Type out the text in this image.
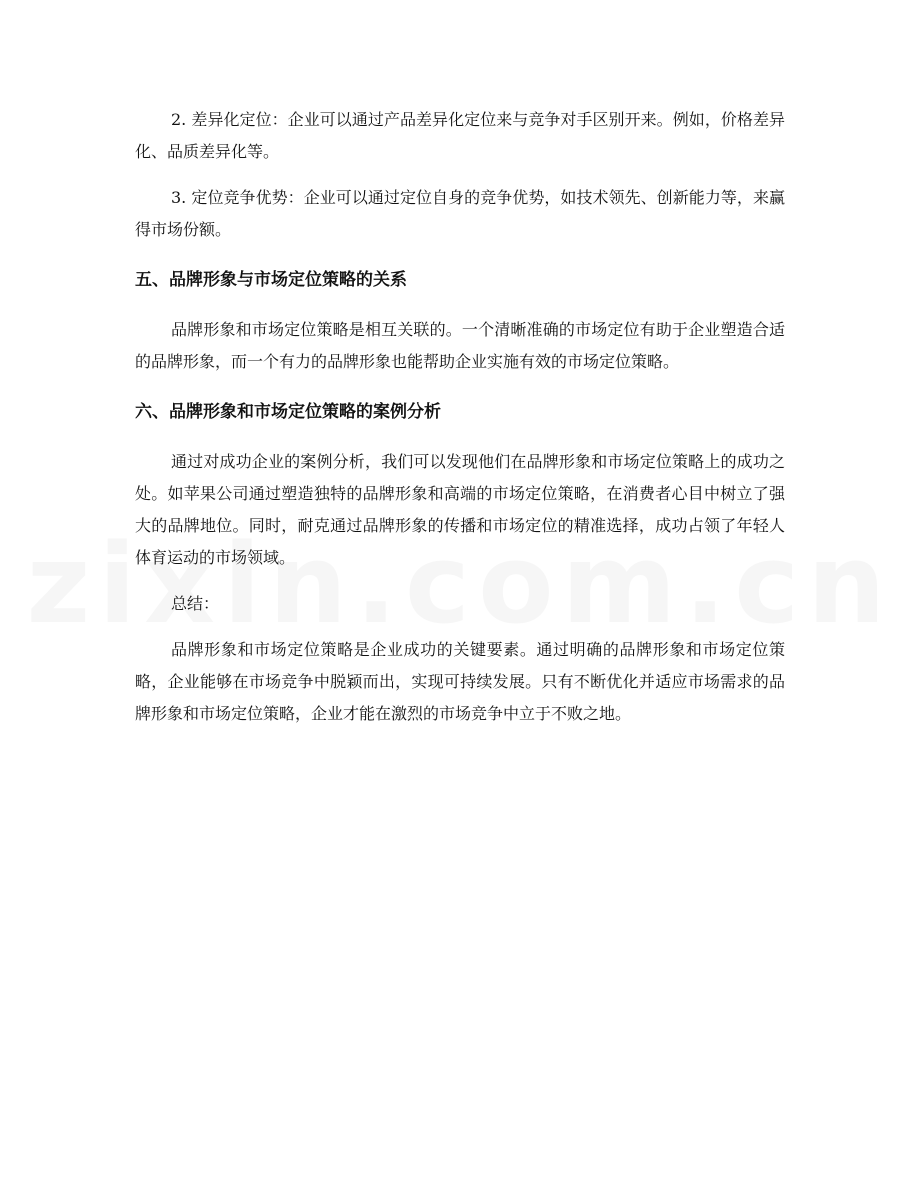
2. 差异化定位：企业可以通过产品差异化定位来与竞争对手区别开来。例如，价格差异化、品质差异化等。

3. 定位竞争优势：企业可以通过定位自身的竞争优势，如技术领先、创新能力等，来赢得市场份额。

五、品牌形象与市场定位策略的关系

品牌形象和市场定位策略是相互关联的。一个清晰准确的市场定位有助于企业塑造合适的品牌形象，而一个有力的品牌形象也能帮助企业实施有效的市场定位策略。

六、品牌形象和市场定位策略的案例分析

通过对成功企业的案例分析，我们可以发现他们在品牌形象和市场定位策略上的成功之处。如苹果公司通过塑造独特的品牌形象和高端的市场定位策略，在消费者心目中树立了强大的品牌地位。同时，耐克通过品牌形象的传播和市场定位的精准选择，成功占领了年轻人体育运动的市场领域。

总结：

品牌形象和市场定位策略是企业成功的关键要素。通过明确的品牌形象和市场定位策略，企业能够在市场竞争中脱颖而出，实现可持续发展。只有不断优化并适应市场需求的品牌形象和市场定位策略，企业才能在激烈的市场竞争中立于不败之地。
